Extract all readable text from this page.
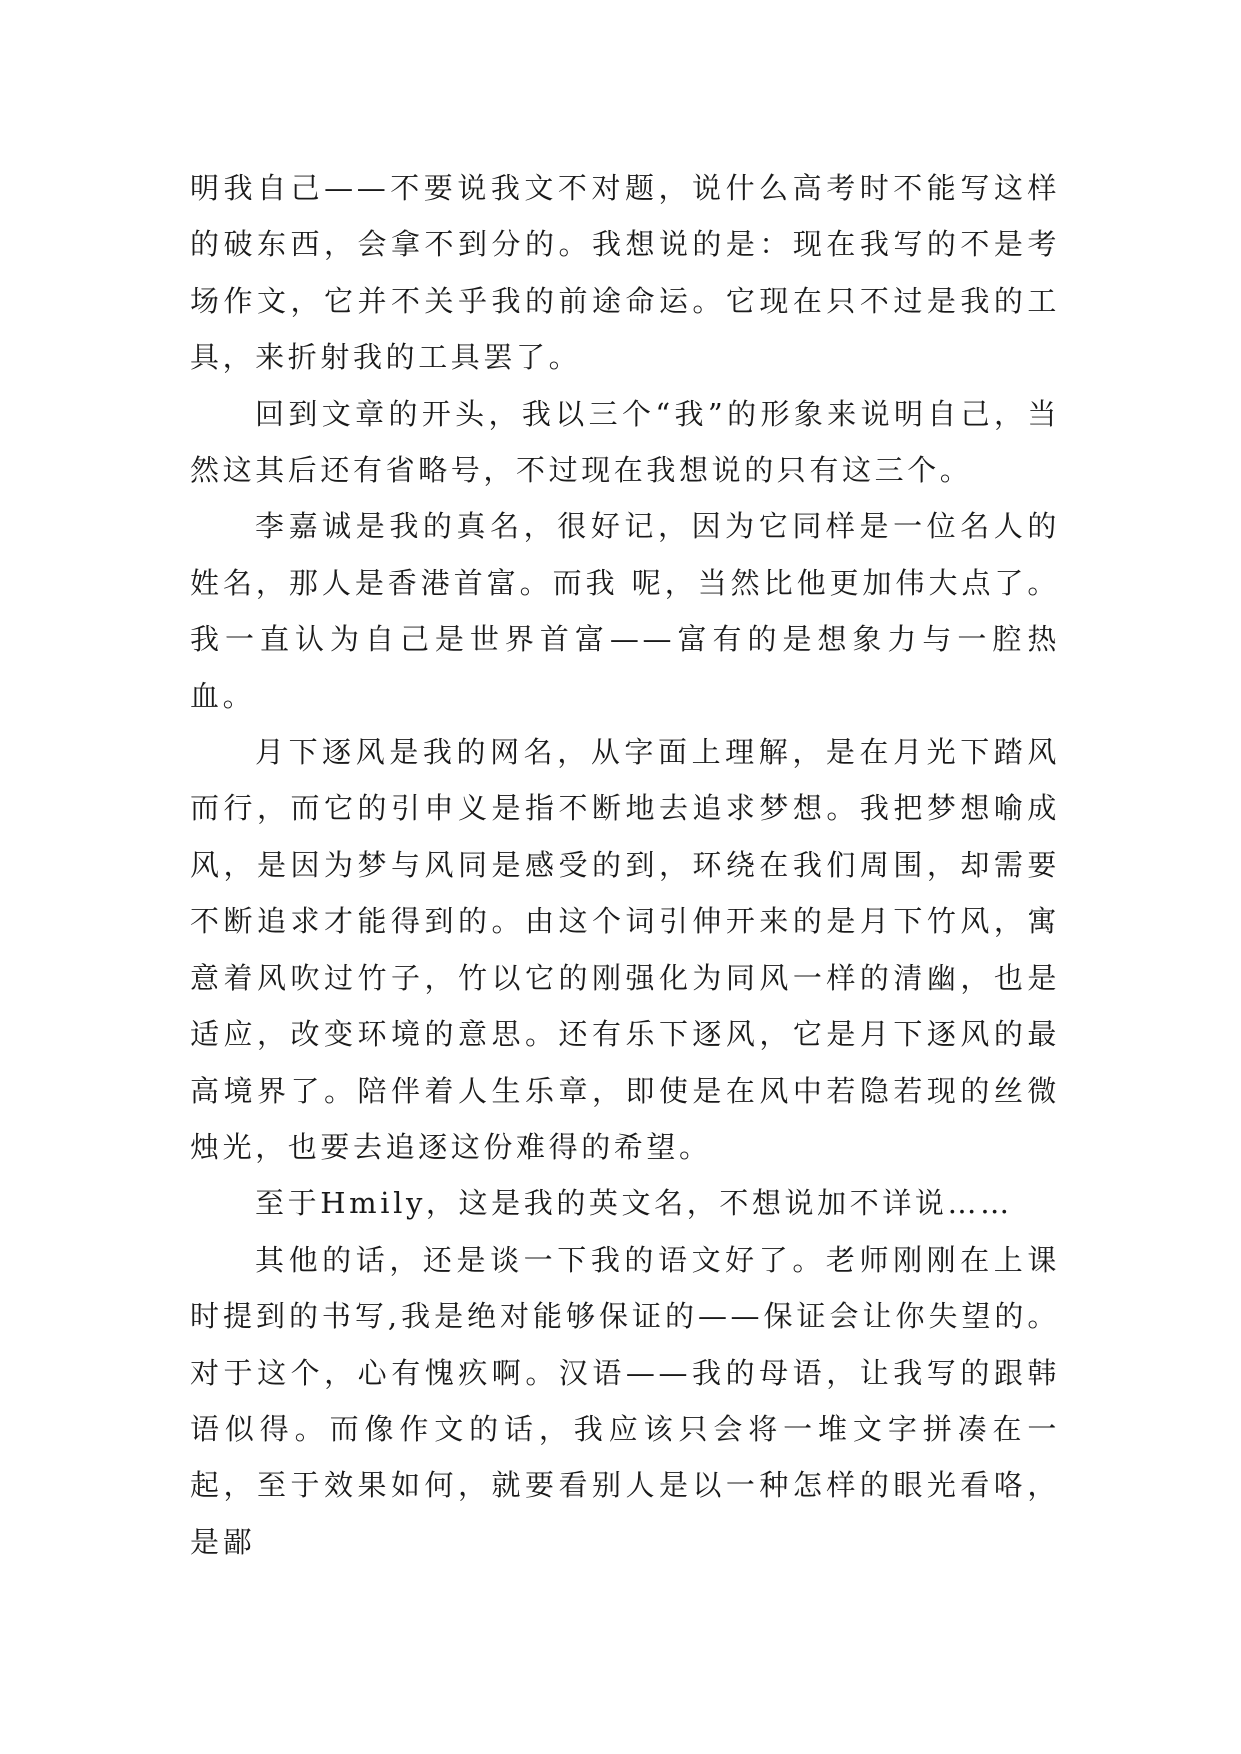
明我自己——不要说我文不对题，说什么高考时不能写这样的破东西，会拿不到分的。我想说的是：现在我写的不是考场作文，它并不关乎我的前途命运。它现在只不过是我的工具，来折射我的工具罢了。

回到文章的开头，我以三个“我”的形象来说明自己，当然这其后还有省略号，不过现在我想说的只有这三个。

李嘉诚是我的真名，很好记，因为它同样是一位名人的姓名，那人是香港首富。而我 呢，当然比他更加伟大点了。我一直认为自己是世界首富——富有的是想象力与一腔热血。

月下逐风是我的网名，从字面上理解，是在月光下踏风而行，而它的引申义是指不断地去追求梦想。我把梦想喻成风，是因为梦与风同是感受的到，环绕在我们周围，却需要不断追求才能得到的。由这个词引伸开来的是月下竹风，寓意着风吹过竹子，竹以它的刚强化为同风一样的清幽，也是适应，改变环境的意思。还有乐下逐风，它是月下逐风的最高境界了。陪伴着人生乐章，即使是在风中若隐若现的丝微烛光，也要去追逐这份难得的希望。

至于Hmily，这是我的英文名，不想说加不详说……

其他的话，还是谈一下我的语文好了。老师刚刚在上课时提到的书写,我是绝对能够保证的——保证会让你失望的。对于这个，心有愧疚啊。汉语——我的母语，让我写的跟韩语似得。而像作文的话，我应该只会将一堆文字拼凑在一起，至于效果如何，就要看别人是以一种怎样的眼光看咯，是鄙
